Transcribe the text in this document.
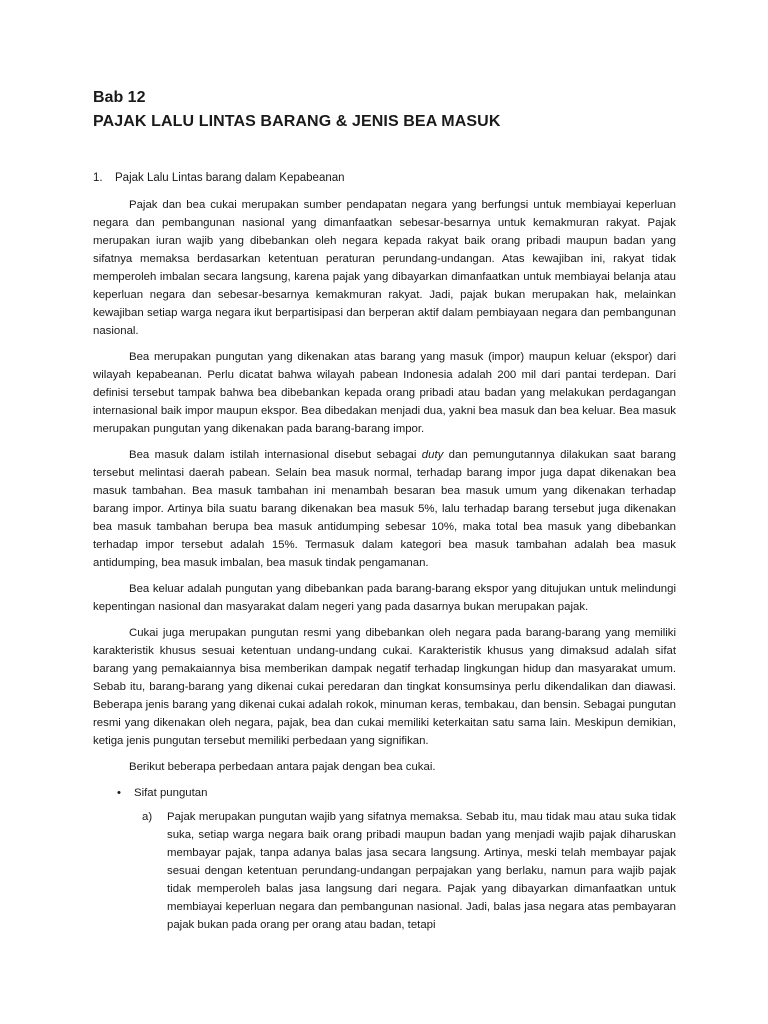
Bab 12
PAJAK LALU LINTAS BARANG & JENIS BEA MASUK
1. Pajak Lalu Lintas barang dalam Kepabeanan

Pajak dan bea cukai merupakan sumber pendapatan negara yang berfungsi untuk membiayai keperluan negara dan pembangunan nasional yang dimanfaatkan sebesar-besarnya untuk kemakmuran rakyat. Pajak merupakan iuran wajib yang dibebankan oleh negara kepada rakyat baik orang pribadi maupun badan yang sifatnya memaksa berdasarkan ketentuan peraturan perundang-undangan. Atas kewajiban ini, rakyat tidak memperoleh imbalan secara langsung, karena pajak yang dibayarkan dimanfaatkan untuk membiayai belanja atau keperluan negara dan sebesar-besarnya kemakmuran rakyat. Jadi, pajak bukan merupakan hak, melainkan kewajiban setiap warga negara ikut berpartisipasi dan berperan aktif dalam pembiayaan negara dan pembangunan nasional.

Bea merupakan pungutan yang dikenakan atas barang yang masuk (impor) maupun keluar (ekspor) dari wilayah kepabeanan. Perlu dicatat bahwa wilayah pabean Indonesia adalah 200 mil dari pantai terdepan. Dari definisi tersebut tampak bahwa bea dibebankan kepada orang pribadi atau badan yang melakukan perdagangan internasional baik impor maupun ekspor. Bea dibedakan menjadi dua, yakni bea masuk dan bea keluar. Bea masuk merupakan pungutan yang dikenakan pada barang-barang impor.

Bea masuk dalam istilah internasional disebut sebagai duty dan pemungutannya dilakukan saat barang tersebut melintasi daerah pabean. Selain bea masuk normal, terhadap barang impor juga dapat dikenakan bea masuk tambahan. Bea masuk tambahan ini menambah besaran bea masuk umum yang dikenakan terhadap barang impor. Artinya bila suatu barang dikenakan bea masuk 5%, lalu terhadap barang tersebut juga dikenakan bea masuk tambahan berupa bea masuk antidumping sebesar 10%, maka total bea masuk yang dibebankan terhadap impor tersebut adalah 15%. Termasuk dalam kategori bea masuk tambahan adalah bea masuk antidumping, bea masuk imbalan, bea masuk tindak pengamanan.

Bea keluar adalah pungutan yang dibebankan pada barang-barang ekspor yang ditujukan untuk melindungi kepentingan nasional dan masyarakat dalam negeri yang pada dasarnya bukan merupakan pajak.

Cukai juga merupakan pungutan resmi yang dibebankan oleh negara pada barang-barang yang memiliki karakteristik khusus sesuai ketentuan undang-undang cukai. Karakteristik khusus yang dimaksud adalah sifat barang yang pemakaiannya bisa memberikan dampak negatif terhadap lingkungan hidup dan masyarakat umum. Sebab itu, barang-barang yang dikenai cukai peredaran dan tingkat konsumsinya perlu dikendalikan dan diawasi. Beberapa jenis barang yang dikenai cukai adalah rokok, minuman keras, tembakau, dan bensin. Sebagai pungutan resmi yang dikenakan oleh negara, pajak, bea dan cukai memiliki keterkaitan satu sama lain. Meskipun demikian, ketiga jenis pungutan tersebut memiliki perbedaan yang signifikan.

Berikut beberapa perbedaan antara pajak dengan bea cukai.

• Sifat pungutan
a) Pajak merupakan pungutan wajib yang sifatnya memaksa. Sebab itu, mau tidak mau atau suka tidak suka, setiap warga negara baik orang pribadi maupun badan yang menjadi wajib pajak diharuskan membayar pajak, tanpa adanya balas jasa secara langsung. Artinya, meski telah membayar pajak sesuai dengan ketentuan perundang-undangan perpajakan yang berlaku, namun para wajib pajak tidak memperoleh balas jasa langsung dari negara. Pajak yang dibayarkan dimanfaatkan untuk membiayai keperluan negara dan pembangunan nasional. Jadi, balas jasa negara atas pembayaran pajak bukan pada orang per orang atau badan, tetapi
